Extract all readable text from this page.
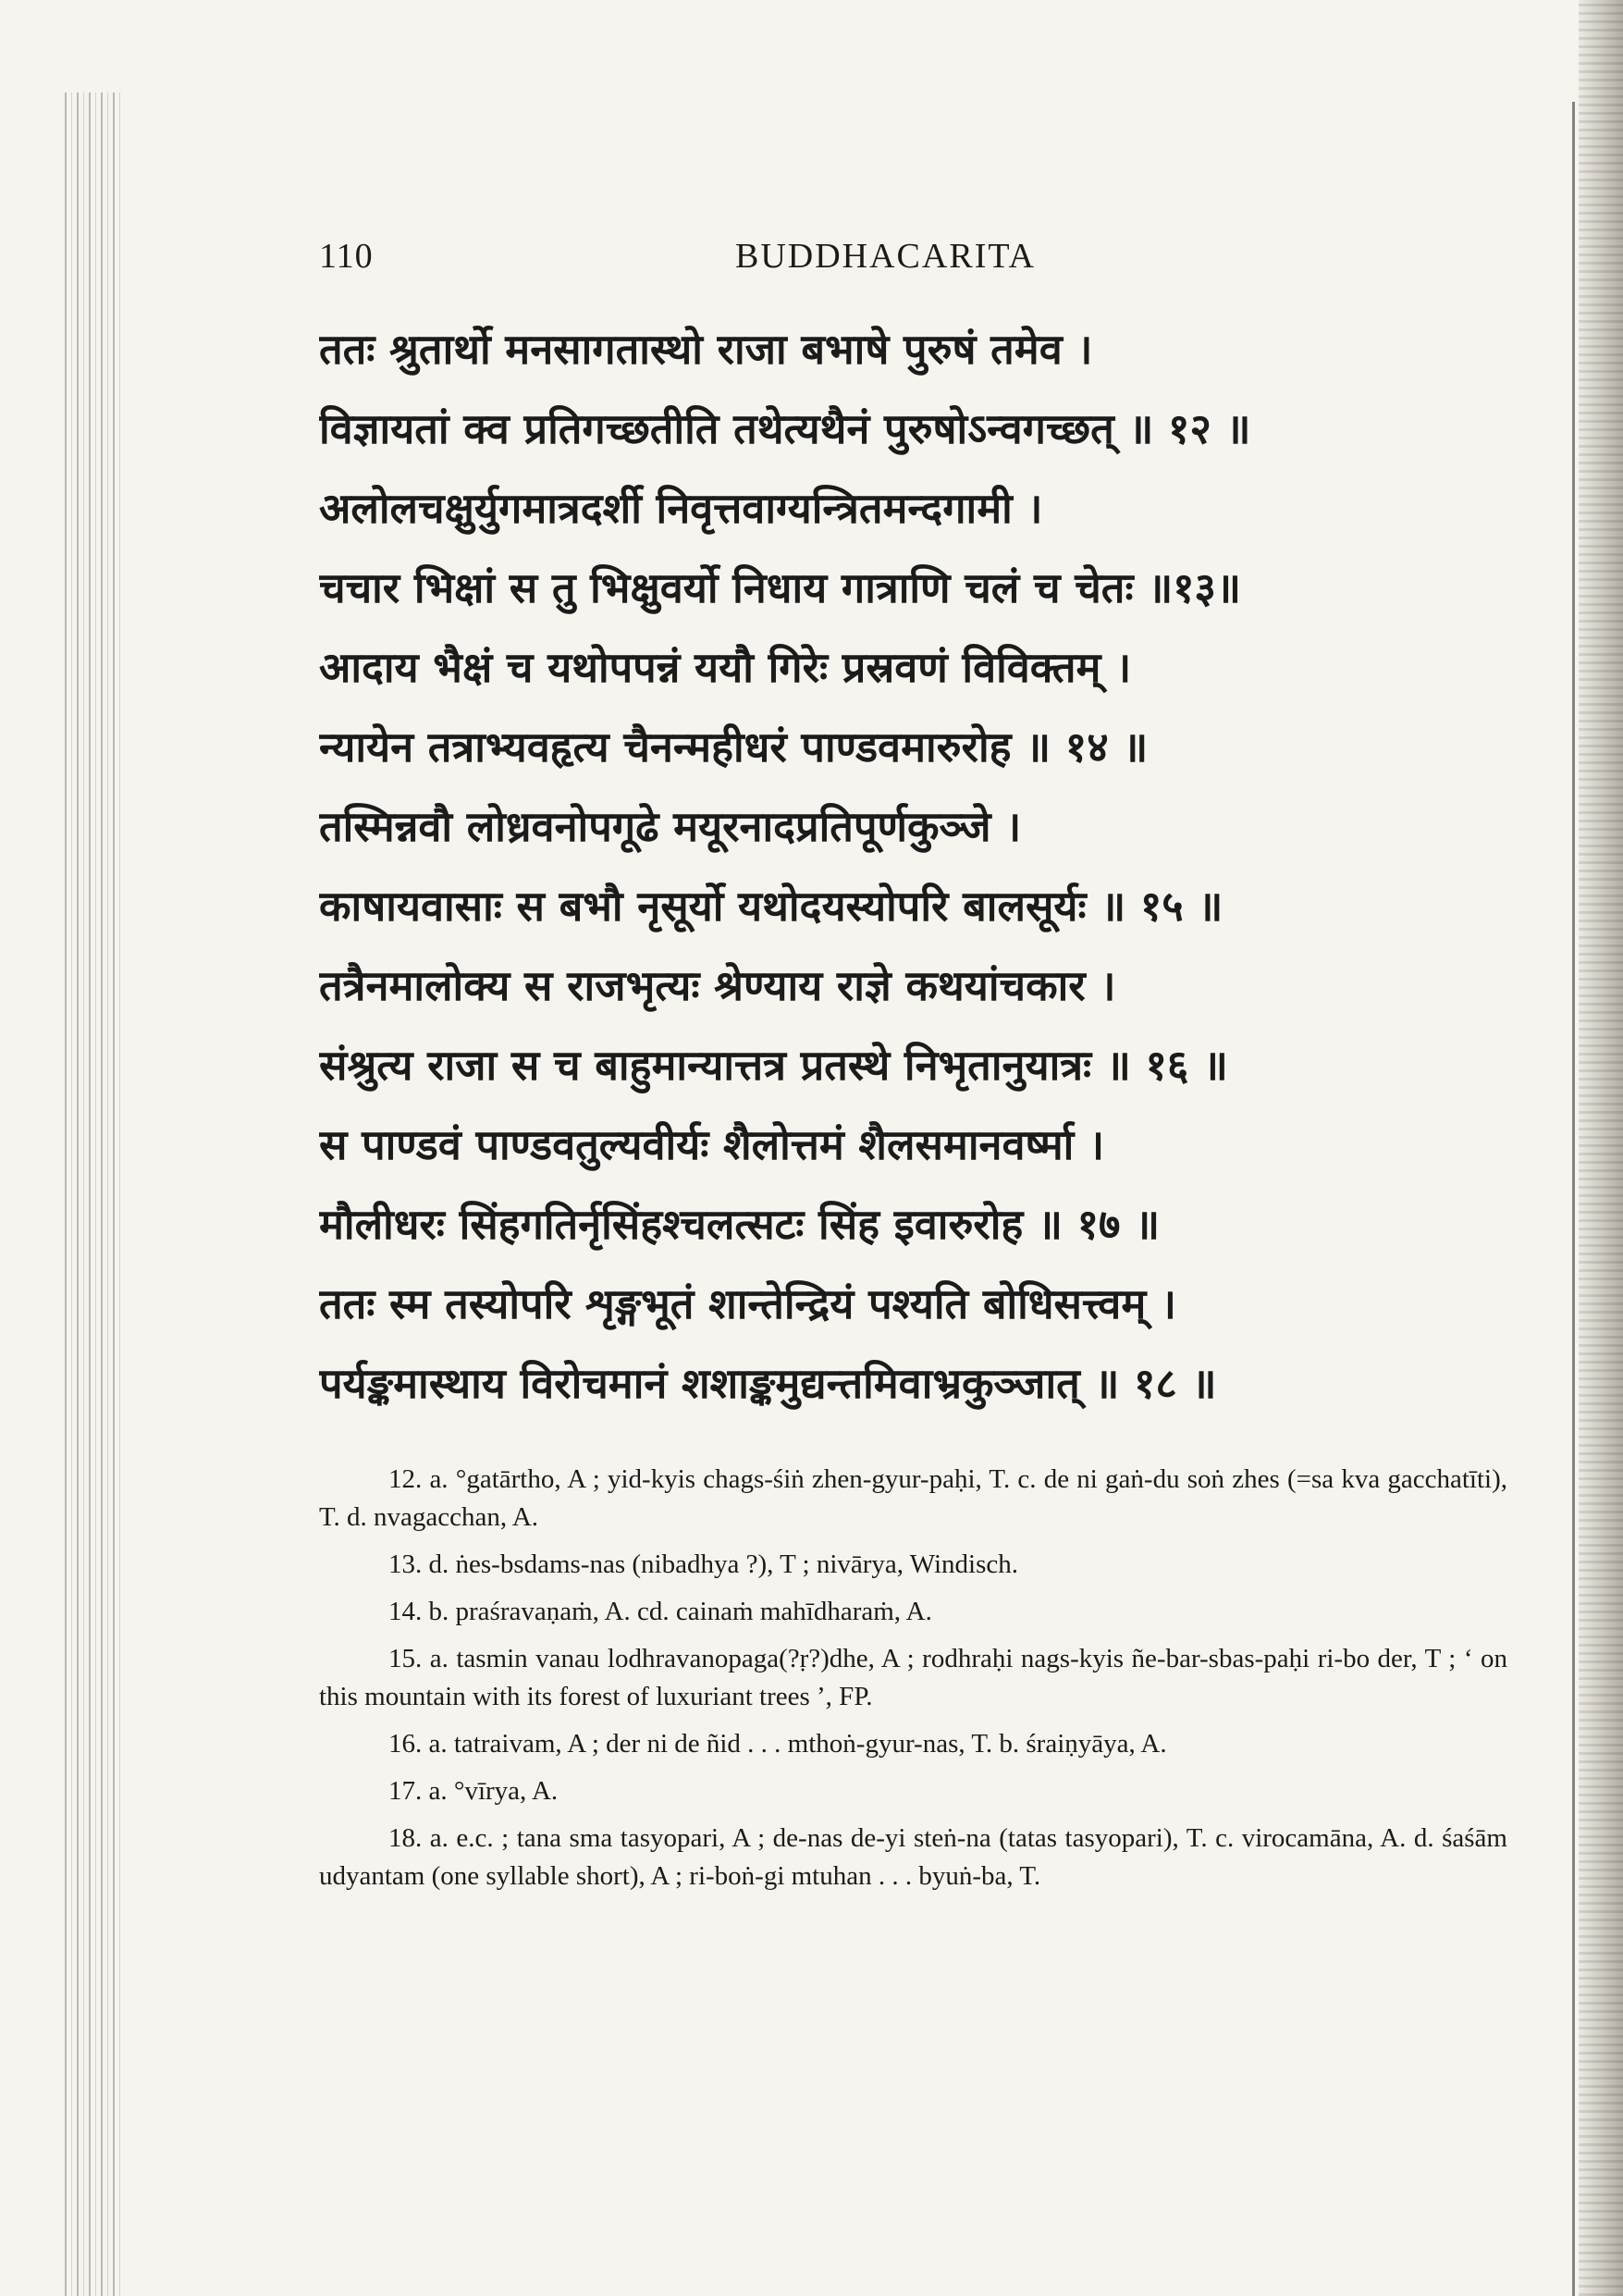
110	BUDDHACARITA
ततः श्रुतार्थो मनसागतास्थो राजा बभाषे पुरुषं तमेव ।
विज्ञायतां क्व प्रतिगच्छतीति तथेत्यथैनं पुरुषोऽन्वगच्छत् ॥ १२ ॥
अलोलचक्षुर्युगमात्रदर्शी निवृत्तवाग्यन्त्रितमन्दगामी ।
चचार भिक्षां स तु भिक्षुवर्यो निधाय गात्राणि चलं च चेतः ॥१३॥
आदाय भैक्षं च यथोपपन्नं ययौ गिरेः प्रस्रवणं विविक्तम् ।
न्यायेन तत्राभ्यवहृत्य चैनन्महीधरं पाण्डवमारुरोह ॥ १४ ॥
तस्मिन्नवौ लोध्रवनोपगूढे मयूरनादप्रतिपूर्णकुञ्जे ।
काषायवासाः स बभौ नृसूर्यो यथोदयस्योपरि बालसूर्यः ॥ १५ ॥
तत्रैनमालोक्य स राजभृत्यः श्रेण्याय राज्ञे कथयांचकार ।
संश्रुत्य राजा स च बाहुमान्यात्तत्र प्रतस्थे निभृतानुयात्रः ॥ १६ ॥
स पाण्डवं पाण्डवतुल्यवीर्यः शैलोत्तमं शैलसमानवर्ष्मा ।
मौलीधरः सिंहगतिर्नृसिंहश्चलत्सटः सिंह इवारुरोह ॥ १७ ॥
ततः स्म तस्योपरि शृङ्गभूतं शान्तेन्द्रियं पश्यति बोधिसत्त्वम् ।
पर्यङ्कमास्थाय विरोचमानं शशाङ्कमुद्यन्तमिवाभ्रकुञ्जात् ॥ १८ ॥

12. a. °gatārtho, A ; yid-kyis chags-śiṅ zhen-gyur-paḥi, T. c. de ni gaṅ-du soṅ zhes (=sa kva gacchatīti), T. d. nvagacchan, A.

13. d. ṅes-bsdams-nas (nibadhya ?), T ; nivārya, Windisch.

14. b. praśravaṇaṁ, A. cd. cainaṁ mahīdharaṁ, A.

15. a. tasmin vanau lodhravanopaga(?ṛ?)dhe, A ; rodhraḥi nags-kyis ñe-bar-sbas-paḥi ri-bo der, T ; ‘ on this mountain with its forest of luxuriant trees ’, FP.

16. a. tatraivam, A ; der ni de ñid . . . mthoṅ-gyur-nas, T. b. śraiṇyāya, A.

17. a. °vīrya, A.

18. a. e.c. ; tana sma tasyopari, A ; de-nas de-yi steṅ-na (tatas tasyopari), T. c. virocamāna, A. d. śaśām udyantam (one syllable short), A ; ri-boṅ-gi mtuhan . . . byuṅ-ba, T.
